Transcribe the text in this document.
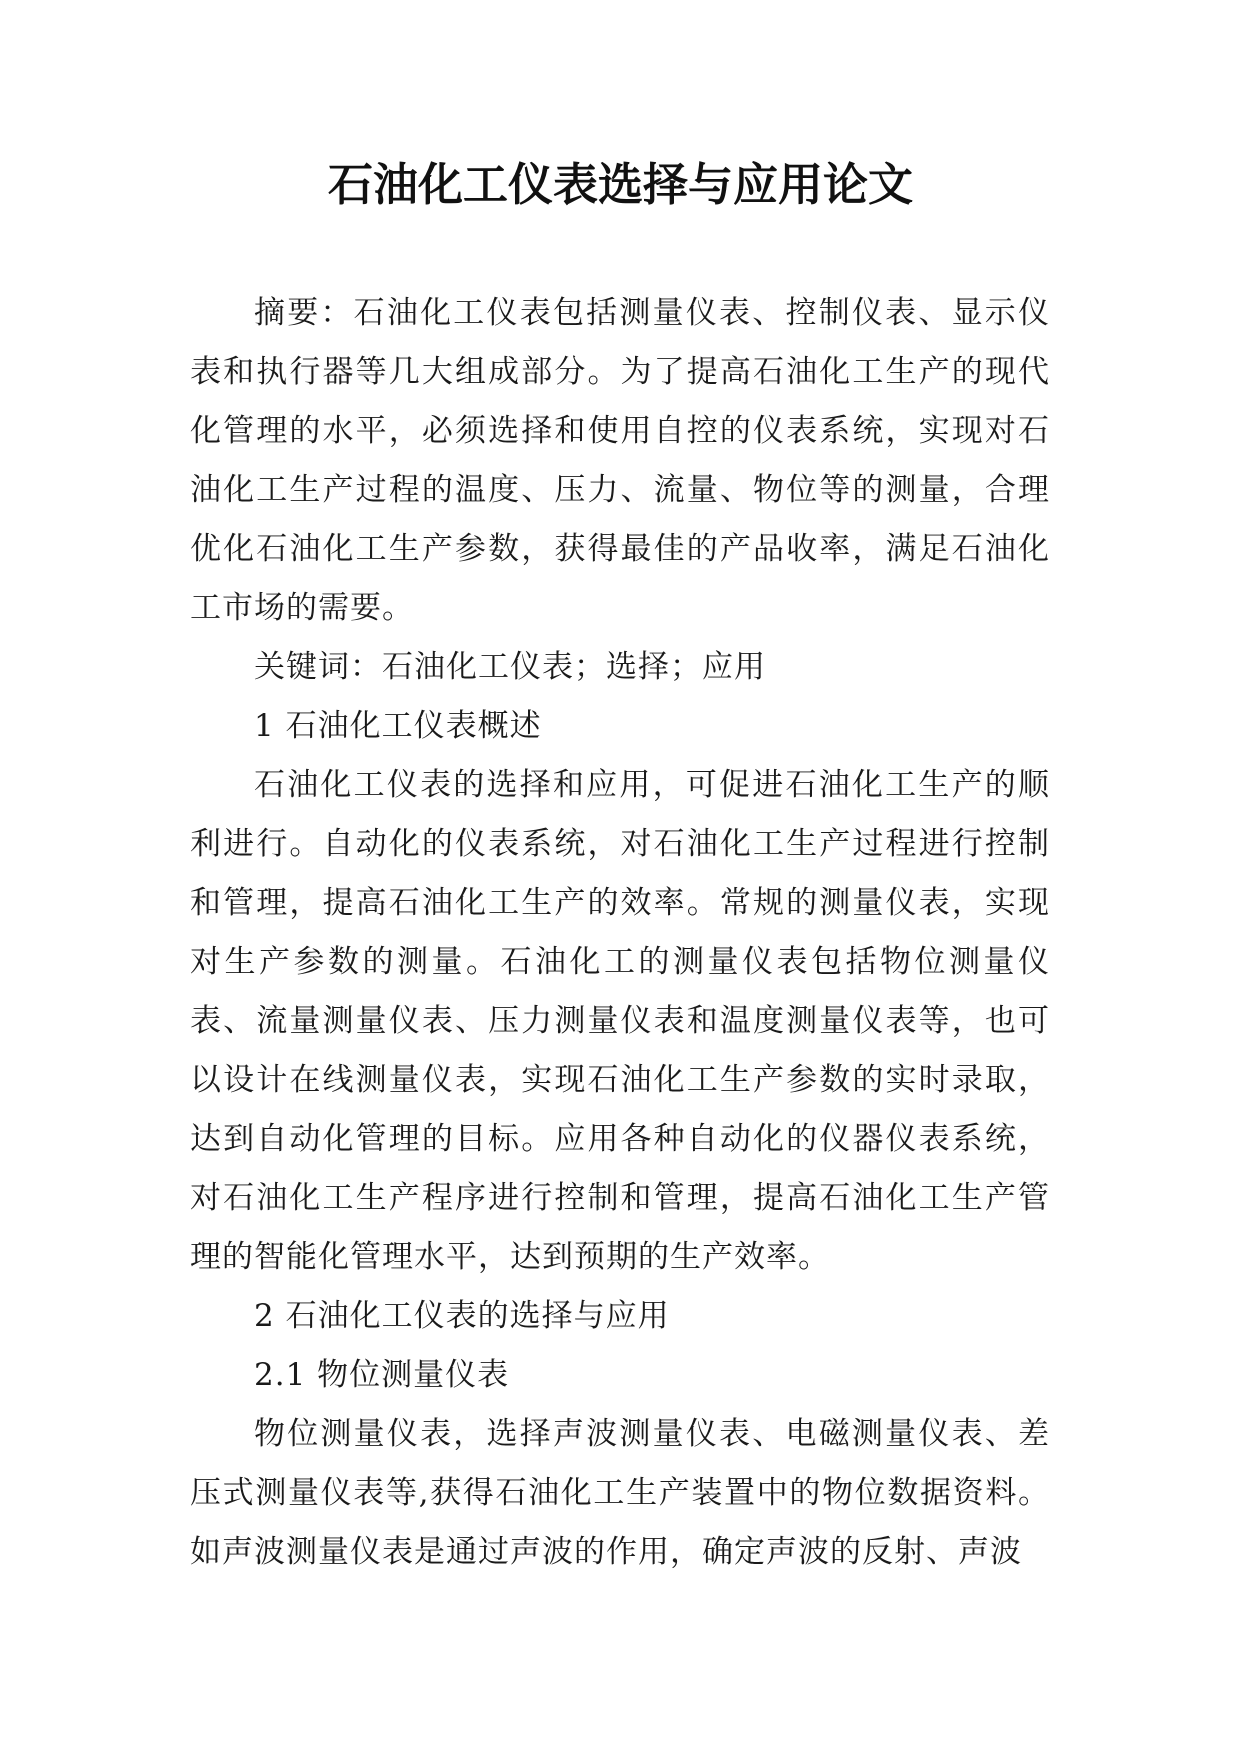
石油化工仪表选择与应用论文

摘要：石油化工仪表包括测量仪表、控制仪表、显示仪表和执行器等几大组成部分。为了提高石油化工生产的现代化管理的水平，必须选择和使用自控的仪表系统，实现对石油化工生产过程的温度、压力、流量、物位等的测量，合理优化石油化工生产参数，获得最佳的产品收率，满足石油化工市场的需要。

关键词：石油化工仪表；选择；应用

1 石油化工仪表概述

石油化工仪表的选择和应用，可促进石油化工生产的顺利进行。自动化的仪表系统，对石油化工生产过程进行控制和管理，提高石油化工生产的效率。常规的测量仪表，实现对生产参数的测量。石油化工的测量仪表包括物位测量仪表、流量测量仪表、压力测量仪表和温度测量仪表等，也可以设计在线测量仪表，实现石油化工生产参数的实时录取，达到自动化管理的目标。应用各种自动化的仪器仪表系统，对石油化工生产程序进行控制和管理，提高石油化工生产管理的智能化管理水平，达到预期的生产效率。

2 石油化工仪表的选择与应用

2.1 物位测量仪表

物位测量仪表，选择声波测量仪表、电磁测量仪表、差压式测量仪表等,获得石油化工生产装置中的物位数据资料。如声波测量仪表是通过声波的作用，确定声波的反射、声波
